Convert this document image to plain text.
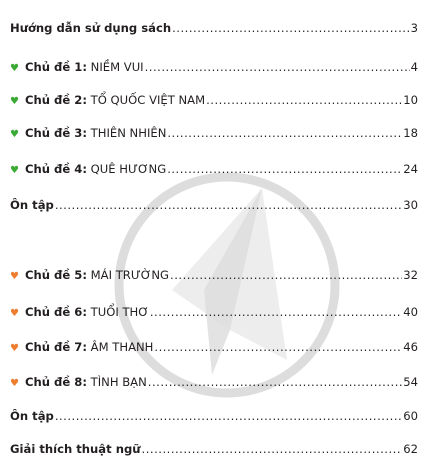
Hướng dẫn sử dụng sách .....	3
♥ Chủ đề 1: NIỀM VUI .....	4
♥ Chủ đề 2: TỔ QUỐC VIỆT NAM .....	10
♥ Chủ đề 3: THIÊN NHIÊN .....	18
♥ Chủ đề 4: QUÊ HƯƠNG .....	24
Ôn tập .....	30
♥ Chủ đề 5: MÁI TRƯỜNG .....	32
♥ Chủ đề 6: TUỔI THƠ .....	40
♥ Chủ đề 7: ÂM THANH .....	46
♥ Chủ đề 8: TÌNH BẠN .....	54
Ôn tập .....	60
Giải thích thuật ngữ .....	62
